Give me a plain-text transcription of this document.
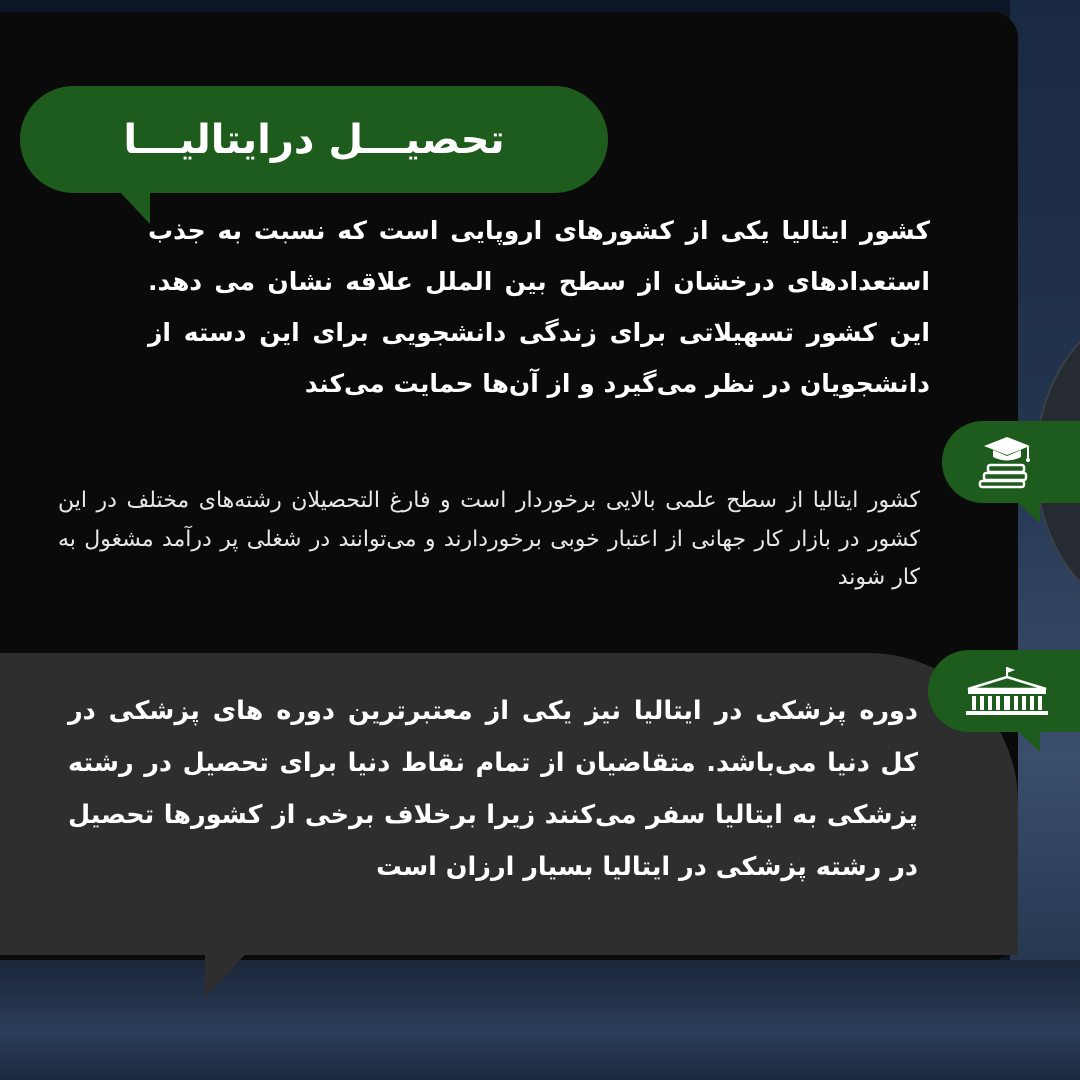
تحصیـــل درایتالیـــا

کشور ایتالیا یکی از کشورهای اروپایی است که نسبت به جذب استعدادهای درخشان از سطح بین الملل علاقه نشان می دهد. این کشور تسهیلاتی برای زندگی دانشجویی برای این دسته از دانشجویان در نظر می‌گیرد و از آن‌ها حمایت می‌کند

کشور ایتالیا از سطح علمی بالایی برخوردار است و فارغ التحصیلان رشته‌های مختلف در این کشور در بازار کار جهانی از اعتبار خوبی برخوردارند و می‌توانند در شغلی پر درآمد مشغول به کار شوند

دوره پزشکی در ایتالیا نیز یکی از معتبرترین دوره های پزشکی در کل دنیا می‌باشد. متقاضیان از تمام نقاط دنیا برای تحصیل در رشته پزشکی به ایتالیا سفر می‌کنند زیرا برخلاف برخی از کشورها تحصیل در رشته پزشکی در ایتالیا بسیار ارزان است
